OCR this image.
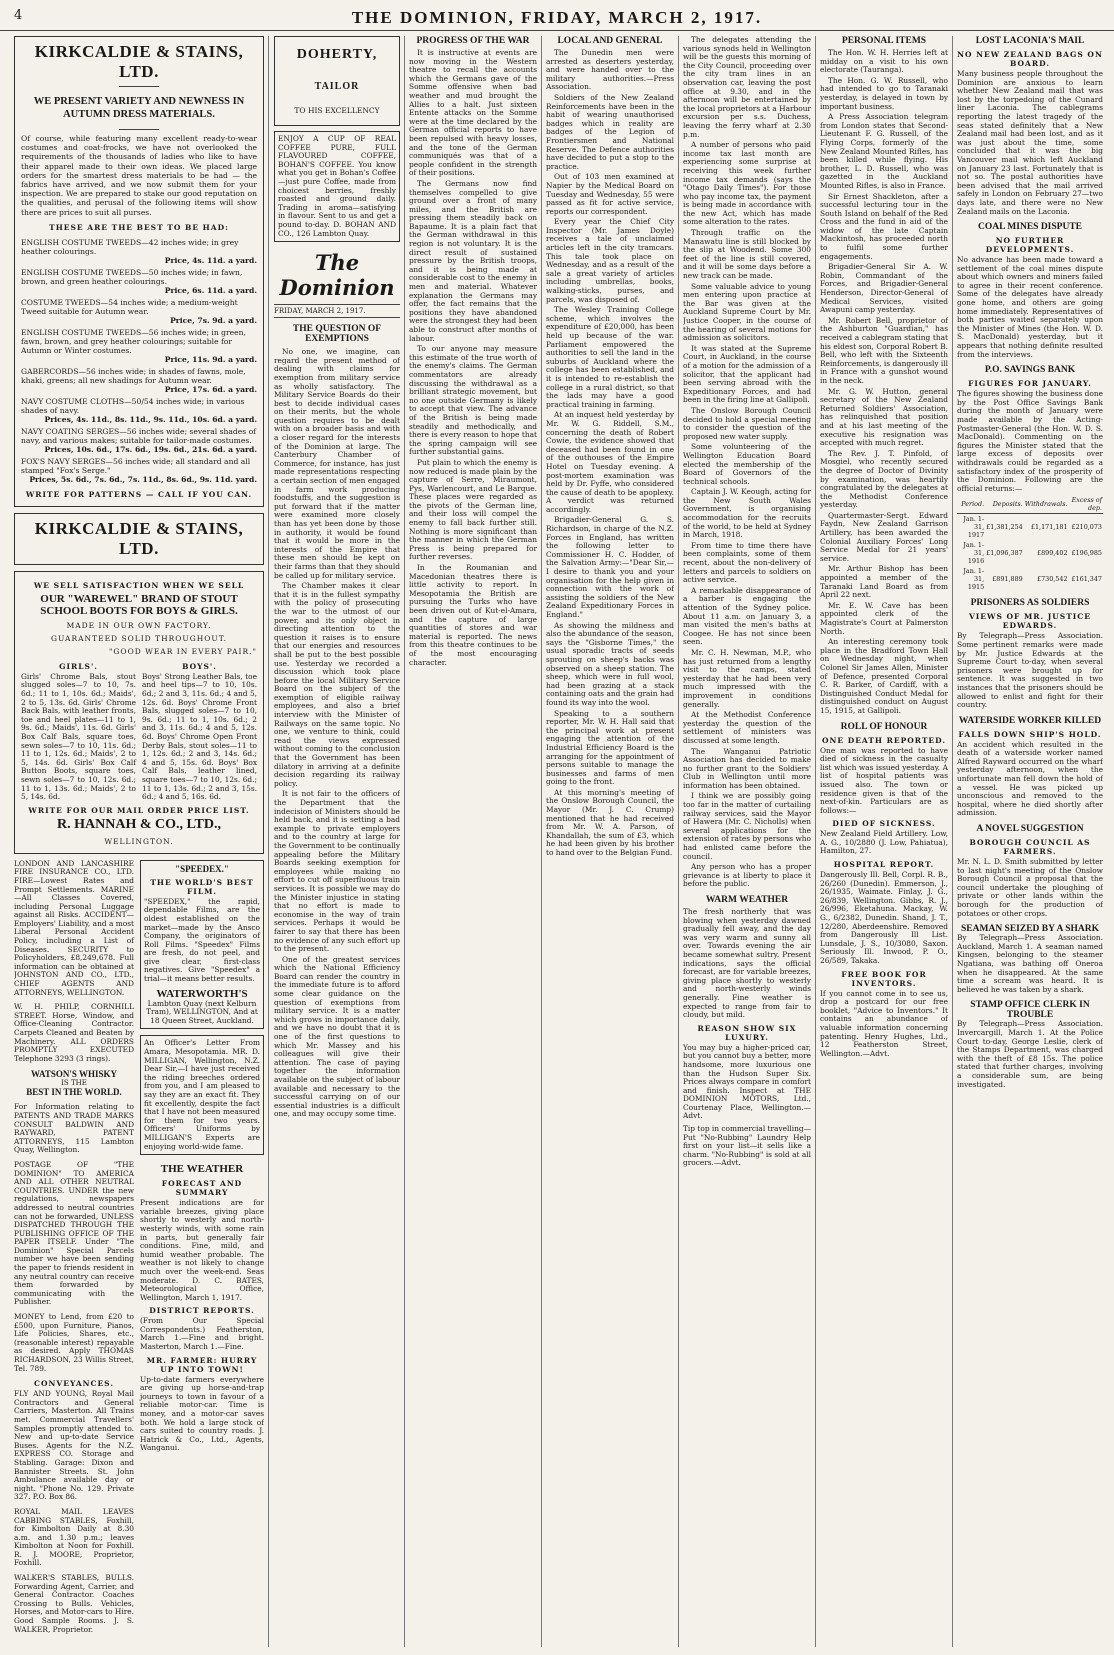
4	THE DOMINION, FRIDAY, MARCH 2, 1917.
KIRKCALDIE & STAINS, LTD.
WE PRESENT VARIETY AND NEWNESS IN AUTUMN DRESS MATERIALS.
Of course, while featuring many excellent ready-to-wear costumes and coat-frocks, we have not overlooked the requirements of the thousands of ladies who like to have their apparel made to their own ideas. We placed large orders for the smartest dress materials to be had — the fabrics have arrived, and we now submit them for your inspection. We are prepared to stake our good reputation on the qualities, and perusal of the following items will show there are prices to suit all purses.
THESE ARE THE BEST TO BE HAD:
ENGLISH COSTUME TWEEDS—42 inches wide; in grey heather colourings.
Price, 4s. 11d. a yard.
ENGLISH COSTUME TWEEDS—50 inches wide; in fawn, brown, and green heather colourings.
Price, 6s. 11d. a yard.
COSTUME TWEEDS—54 inches wide; a medium-weight Tweed suitable for Autumn wear.
Price, 7s. 9d. a yard.
ENGLISH COSTUME TWEEDS—56 inches wide; in green, fawn, brown, and grey heather colourings; suitable for Autumn or Winter costumes.
Price, 11s. 9d. a yard.
GABERCORDS—56 inches wide; in shades of fawns, mole, khaki, greens; all new shadings for Autumn wear.
Price, 17s. 6d. a yard.
NAVY COSTUME CLOTHS—50/54 inches wide; in various shades of navy.
Prices, 4s. 11d., 8s. 11d., 9s. 11d., 10s. 6d. a yard.
NAVY COATING SERGES—56 inches wide; several shades of navy, and various makes; suitable for tailor-made costumes.
Prices, 10s. 6d., 17s. 6d., 19s. 6d., 21s. 6d. a yard.
FOX'S NAVY SERGES—56 inches wide; all standard and all stamped "Fox's Serge."
Prices, 5s. 6d., 7s. 6d., 7s. 11d., 8s. 6d., 9s. 11d. yard.
WRITE FOR PATTERNS — CALL IF YOU CAN.
KIRKCALDIE & STAINS, LTD.
WE SELL SATISFACTION WHEN WE SELL
OUR "WAREWEL" BRAND OF STOUT
SCHOOL BOOTS FOR BOYS & GIRLS.
MADE IN OUR OWN FACTORY.
GUARANTEED SOLID THROUGHOUT.
"GOOD WEAR IN EVERY PAIR."
GIRLS'.
Girls' Chrome Bals, stout slugged soles—7 to 10, 7s. 6d.; 11 to 1, 10s. 6d.; Maids', 2 to 5, 13s. 6d. Girls' Chrome Back Bals, with leather fronts, toe and heel plates—11 to 1, 9s. 6d.; Maids', 11s. 6d. Girls' Box Calf Bals, square toes, sewn soles—7 to 10, 11s. 6d.; 11 to 1, 12s. 6d.; Maids', 2 to 5, 14s. 6d. Girls' Box Calf Button Boots, square toes, sewn soles—7 to 10, 12s. 6d.; 11 to 1, 13s. 6d.; Maids', 2 to 5, 14s. 6d.
BOYS'.
Boys' Strong Leather Bals, toe and heel tips—7 to 10, 10s. 6d.; 2 and 3, 11s. 6d.; 4 and 5, 12s. 6d. Boys' Chrome Front Bals, slugged soles—7 to 10, 9s. 6d.; 11 to 1, 10s. 6d.; 2 and 3, 11s. 6d.; 4 and 5, 12s. 6d. Boys' Chrome Open Front Derby Bals, stout soles—11 to 1, 12s. 6d.; 2 and 3, 14s. 6d.; 4 and 5, 15s. 6d. Boys' Box Calf Bals, leather lined, square toes—7 to 10, 12s. 6d.; 11 to 1, 13s. 6d.; 2 and 3, 15s. 6d.; 4 and 5, 16s. 6d.
WRITE FOR OUR MAIL ORDER PRICE LIST.
R. HANNAH & CO., LTD.,
WELLINGTON.
LONDON AND LANCASHIRE FIRE INSURANCE CO., LTD. FIRE—Lowest Rates and Prompt Settlements. MARINE—All Classes Covered, including Personal Luggage against all Risks. ACCIDENT—Employers' Liability, and a most Liberal Personal Accident Policy, including a List of Diseases. SECURITY to Policyholders, £8,249,678. Full information can be obtained at JOHNSTON AND CO., LTD., CHIEF AGENTS AND ATTORNEYS, WELLINGTON.
W. H. PHILP, CORNHILL STREET. Horse, Window, and Office-Cleaning Contractor. Carpets Cleaned and Beaten by Machinery. ALL ORDERS PROMPTLY EXECUTED Telephone 3293 (3 rings).
WATSON'S WHISKY
IS THE
BEST IN THE WORLD.
For Information relating to PATENTS AND TRADE MARKS CONSULT BALDWIN AND RAYWARD, PATENT ATTORNEYS, 115 Lambton Quay, Wellington.
POSTAGE OF "THE DOMINION" TO AMERICA AND ALL OTHER NEUTRAL COUNTRIES. UNDER the new regulations, newspapers addressed to neutral countries can not be forwarded, UNLESS DISPATCHED THROUGH THE PUBLISHING OFFICE OF THE PAPER ITSELF. Under "The Dominion" Special Parcels number we have been sending the paper to friends resident in any neutral country can receive them forwarded by communicating with the Publisher.
MONEY to Lend, from £20 to £500, upon Furniture, Pianos, Life Policies, Shares, etc., (reasonable interest) repayable as desired. Apply THOMAS RICHARDSON, 23 Willis Street, Tel. 789.
CONVEYANCES.
FLY AND YOUNG, Royal Mail Contractors and General Carriers, Masterton. All Trains met. Commercial Travellers' Samples promptly attended to. New and up-to-date Service Buses. Agents for the N.Z. EXPRESS CO. Storage and Stabling. Garage: Dixon and Bannister Streets. St. John Ambulance available day or night. "Phone No. 129. Private 327. P.O. Box 86.
ROYAL MAIL LEAVES CABBING STABLES, Foxhill, for Kimbolton Daily at 8.30 a.m. and 1.30 p.m.; leaves Kimbolton at Noon for Foxhill. R. J. MOORE, Proprietor, Foxhill.
WALKER'S STABLES, BULLS. Forwarding Agent, Carrier, and General Contractor. Coaches Crossing to Bulls. Vehicles, Horses, and Motor-cars to Hire. Good Sample Rooms. J. S. WALKER, Proprietor.
"SPEEDEX."
THE WORLD'S BEST FILM.
"SPEEDEX," the rapid, dependable Films, are the oldest established on the market—made by the Ansco Company, the originators of Roll Films. "Speedex" Films are fresh, do not peel, and give clear, first-class negatives. Give "Speedex" a trial—it means better results.
WATERWORTH'S
Lambton Quay (next Kelburn Tram), WELLINGTON, And at 18 Queen Street, Auckland.
An Officer's Letter From Amara, Mesopotamia. MR. D. MILLIGAN, Wellington, N.Z. Dear Sir,—I have just received the riding breeches ordered from you, and I am pleased to say they are an exact fit. They fit excellently, despite the fact that I have not been measured for them for two years. Officers' Uniforms by MILLIGAN'S Experts are enjoying world-wide fame.
THE WEATHER
FORECAST AND SUMMARY
Present indications are for variable breezes, giving place shortly to westerly and north-westerly winds, with some rain in parts, but generally fair conditions. Fine, mild, and humid weather probable. The weather is not likely to change much over the week-end. Seas moderate. D. C. BATES, Meteorological Office, Wellington, March 1, 1917.
DISTRICT REPORTS.
(From Our Special Correspondents.) Featherston, March 1.—Fine and bright. Masterton, March 1.—Fine.
MR. FARMER: HURRY UP INTO TOWN!
Up-to-date farmers everywhere are giving up horse-and-trap journeys to town in favour of a reliable motor-car. Time is money, and a motor-car saves both. We hold a large stock of cars suited to country roads. J. Hatrick & Co., Ltd., Agents, Wanganui.
DOHERTY,
TAILOR
TO HIS EXCELLENCY
ENJOY A CUP OF REAL COFFEE PURE, FULL FLAVOURED COFFEE, BOHAN'S COFFEE. You know what you get in Bohan's Coffee—just pure Coffee, made from choicest berries, freshly roasted and ground daily. Trading in aroma—satisfying in flavour. Sent to us and get a pound to-day. D. BOHAN AND CO., 126 Lambton Quay.
The Dominion
FRIDAY, MARCH 2, 1917.
THE QUESTION OF EXEMPTIONS

No one, we imagine, can regard the present method of dealing with claims for exemption from military service as wholly satisfactory. The Military Service Boards do their best to decide individual cases on their merits, but the whole question requires to be dealt with on a broader basis and with a closer regard for the interests of the Dominion at large. The Canterbury Chamber of Commerce, for instance, has just made representations respecting a certain section of men engaged in farm work producing foodstuffs, and the suggestion is put forward that if the matter were examined more closely than has yet been done by those in authority, it would be found that it would be more in the interests of the Empire that these men should be kept on their farms than that they should be called up for military service.

The Chamber makes it clear that it is in the fullest sympathy with the policy of prosecuting the war to the utmost of our power, and its only object in directing attention to the question it raises is to ensure that our energies and resources shall be put to the best possible use. Yesterday we recorded a discussion which took place before the local Military Service Board on the subject of the exemption of eligible railway employees, and also a brief interview with the Minister of Railways on the same topic. No one, we venture to think, could read the views expressed without coming to the conclusion that the Government has been dilatory in arriving at a definite decision regarding its railway policy.

It is not fair to the officers of the Department that the indecision of Ministers should be held back, and it is setting a bad example to private employers and to the country at large for the Government to be continually appealing before the Military Boards seeking exemption for employees while making no effort to cut off superfluous train services. It is possible we may do the Minister injustice in stating that no effort is made to economise in the way of train services. Perhaps it would be fairer to say that there has been no evidence of any such effort up to the present.

One of the greatest services which the National Efficiency Board can render the country in the immediate future is to afford some clear guidance on the question of exemptions from military service. It is a matter which grows in importance daily, and we have no doubt that it is one of the first questions to which Mr. Massey and his colleagues will give their attention. The case of paying together the information available on the subject of labour available and necessary to the successful carrying on of our essential industries is a difficult one, and may occupy some time.

PROGRESS OF THE WAR

It is instructive at events are now moving in the Western theatre to recall the accounts which the Germans gave of the Somme offensive when bad weather and mud brought the Allies to a halt. Just sixteen Entente attacks on the Somme were at the time declared by the German official reports to have been repulsed with heavy losses, and the tone of the German communiqués was that of a people confident in the strength of their positions.

The Germans now find themselves compelled to give ground over a front of many miles, and the British are pressing them steadily back on Bapaume. It is a plain fact that the German withdrawal in this region is not voluntary. It is the direct result of sustained pressure by the British troops, and it is being made at considerable cost to the enemy in men and material. Whatever explanation the Germans may offer, the fact remains that the positions they have abandoned were the strongest they had been able to construct after months of labour.

To our anyone may measure this estimate of the true worth of the enemy's claims. The German commentators are already discussing the withdrawal as a brilliant strategic movement, but no one outside Germany is likely to accept that view. The advance of the British is being made steadily and methodically, and there is every reason to hope that the spring campaign will see further substantial gains.

Put plain to which the enemy is now reduced is made plain by the capture of Serre, Miraumont, Pys, Warlencourt, and Le Barque. These places were regarded as the pivots of the German line, and their loss will compel the enemy to fall back further still. Nothing is more significant than the manner in which the German Press is being prepared for further reverses.

In the Roumanian and Macedonian theatres there is little activity to report. In Mesopotamia the British are pursuing the Turks who have been driven out of Kut-el-Amara, and the capture of large quantities of stores and war material is reported. The news from this theatre continues to be of the most encouraging character.

LOCAL AND GENERAL

The Dunedin men were arrested as deserters yesterday, and were handed over to the military authorities.—Press Association.

Soldiers of the New Zealand Reinforcements have been in the habit of wearing unauthorised badges which in reality are badges of the Legion of Frontiersmen and National Reserve. The Defence authorities have decided to put a stop to the practice.

Out of 103 men examined at Napier by the Medical Board on Tuesday and Wednesday, 55 were passed as fit for active service, reports our correspondent.

Every year the Chief City Inspector (Mr. James Doyle) receives a tale of unclaimed articles left in the city tramcars. This tale took place on Wednesday, and as a result of the sale a great variety of articles including umbrellas, books, walking-sticks, purses, and parcels, was disposed of.

The Wesley Training College scheme, which involves the expenditure of £20,000, has been held up because of the war. Parliament empowered the authorities to sell the land in the suburbs of Auckland where the college has been established, and it is intended to re-establish the college in a rural district, so that the lads may have a good practical training in farming.

At an inquest held yesterday by Mr. W. G. Riddell, S.M., concerning the death of Robert Cowie, the evidence showed that deceased had been found in one of the outhouses of the Empire Hotel on Tuesday evening. A post-mortem examination was held by Dr. Fyffe, who considered the cause of death to be apoplexy. A verdict was returned accordingly.

Brigadier-General G. S. Richardson, in charge of the N.Z. Forces in England, has written the following letter to Commissioner H. C. Hodder, of the Salvation Army:—"Dear Sir,—I desire to thank you and your organisation for the help given in connection with the work of assisting the soldiers of the New Zealand Expeditionary Forces in England."

As showing the mildness and also the abundance of the season, says the "Gisborne Times," the usual sporadic tracts of seeds sprouting on sheep's backs was observed on a sheep station. The sheep, which were in full wool, had been grazing at a stack containing oats and the grain had found its way into the wool.

Speaking to a southern reporter, Mr. W. H. Hall said that the principal work at present engaging the attention of the Industrial Efficiency Board is the arranging for the appointment of persons suitable to manage the businesses and farms of men going to the front.

At this morning's meeting of the Onslow Borough Council, the Mayor (Mr. J. C. Crump) mentioned that he had received from Mr. W. A. Parson, of Khandallah, the sum of £3, which he had been given by his brother to hand over to the Belgian Fund.

The delegates attending the various synods held in Wellington will be the guests this morning of the City Council, proceeding over the city tram lines in an observation car, leaving the post office at 9.30, and in the afternoon will be entertained by the local proprietors at a Harbour excursion per s.s. Duchess, leaving the ferry wharf at 2.30 p.m.

A number of persons who paid income tax last month are experiencing some surprise at receiving this week further income tax demands (says the "Otago Daily Times"). For those who pay income tax, the payment is being made in accordance with the new Act, which has made some alteration to the rates.

Through traffic on the Manawatu line is still blocked by the slip at Woodend. Some 300 feet of the line is still covered, and it will be some days before a new track can be made.

Some valuable advice to young men entering upon practice at the Bar was given at the Auckland Supreme Court by Mr. Justice Cooper, in the course of the hearing of several motions for admission as solicitors.

It was stated at the Supreme Court, in Auckland, in the course of a motion for the admission of a solicitor, that the applicant had been serving abroad with the Expeditionary Forces, and had been in the firing line at Gallipoli.

The Onslow Borough Council decided to hold a special meeting to consider the question of the proposed new water supply.

Some volunteering of the Wellington Education Board elected the membership of the Board of Governors of the technical schools.

Captain J. W. Keough, acting for the New South Wales Government, is organising accommodation for the recruits of the world, to be held at Sydney in March, 1918.

From time to time there have been complaints, some of them recent, about the non-delivery of letters and parcels to soldiers on active service.

A remarkable disappearance of a barber is engaging the attention of the Sydney police. About 11 a.m. on January 3, a man visited the men's baths at Coogee. He has not since been seen.

Mr. C. H. Newman, M.P., who has just returned from a lengthy visit to the camps, stated yesterday that he had been very much impressed with the improvement in conditions generally.

At the Methodist Conference yesterday the question of the settlement of ministers was discussed at some length.

The Wanganui Patriotic Association has decided to make no further grant to the Soldiers' Club in Wellington until more information has been obtained.

I think we are possibly going too far in the matter of curtailing railway services, said the Mayor of Hawera (Mr. C. Nicholls) when several applications for the extension of rates by persons who had enlisted came before the council.

Any person who has a proper grievance is at liberty to place it before the public.

WARM WEATHER
The fresh northerly that was blowing when yesterday dawned gradually fell away, and the day was very warm and sunny all over. Towards evening the air became somewhat sultry. Present indications, says the official forecast, are for variable breezes, giving place shortly to westerly and north-westerly winds generally. Fine weather is expected to range from fair to cloudy, but mild.
REASON SHOW SIX LUXURY.
You may buy a higher-priced car, but you cannot buy a better, more handsome, more luxurious one than the Hudson Super Six. Prices always compare in comfort and finish. Inspect at THE DOMINION MOTORS, Ltd., Courtenay Place, Wellington.—Advt.
Tip top in commercial travelling—Put "No-Rubbing" Laundry Help first on your list—it sells like a charm. "No-Rubbing" is sold at all grocers.—Advt.
PERSONAL ITEMS

The Hon. W. H. Herries left at midday on a visit to his own electorate (Tauranga).

The Hon. G. W. Russell, who had intended to go to Taranaki yesterday, is delayed in town by important business.

A Press Association telegram from London states that Second-Lieutenant F. G. Russell, of the Flying Corps, formerly of the New Zealand Mounted Rifles, has been killed while flying. His brother, L. D. Russell, who was gazetted in the Auckland Mounted Rifles, is also in France.

Sir Ernest Shackleton, after a successful lecturing tour in the South Island on behalf of the Red Cross and the fund in aid of the widow of the late Captain Mackintosh, has proceeded north to fulfil some further engagements.

Brigadier-General Sir A. W. Robin, Commandant of the Forces, and Brigadier-General Henderson, Director-General of Medical Services, visited Awapuni camp yesterday.

Mr. Robert Bell, proprietor of the Ashburton "Guardian," has received a cablegram stating that his eldest son, Corporal Robert B. Bell, who left with the Sixteenth Reinforcements, is dangerously ill in France with a gunshot wound in the neck.

Mr. G. W. Hutton, general secretary of the New Zealand Returned Soldiers' Association, has relinquished that position and at his last meeting of the executive his resignation was accepted with much regret.

The Rev. J. T. Pinfold, of Mosgiel, who recently secured the degree of Doctor of Divinity by examination, was heartily congratulated by the delegates at the Methodist Conference yesterday.

Quartermaster-Sergt. Edward Faydn, New Zealand Garrison Artillery, has been awarded the Colonial Auxiliary Forces' Long Service Medal for 21 years' service.

Mr. Arthur Bishop has been appointed a member of the Taranaki Land Board as from April 22 next.

Mr. E. W. Cave has been appointed clerk of the Magistrate's Court at Palmerston North.

An interesting ceremony took place in the Bradford Town Hall on Wednesday night, when Colonel Sir James Allen, Minister of Defence, presented Corporal C. R. Barker, of Cardiff, with a Distinguished Conduct Medal for distinguished conduct on August 15, 1915, at Gallipoli.

ROLL OF HONOUR
ONE DEATH REPORTED.
One man was reported to have died of sickness in the casualty list which was issued yesterday. A list of hospital patients was issued also. The town or residence given is that of the next-of-kin. Particulars are as follows:—
DIED OF SICKNESS.
New Zealand Field Artillery. Low, A. G., 10/2880 (J. Low, Pahiatua), Hamilton, 27.
HOSPITAL REPORT.
Dangerously Ill. Bell, Corpl. R. B., 26/260 (Dunedin). Emmerson, J., 26/1935, Waimate. Finlay, J. G., 26/839, Wellington. Gibbs, R. J., 26/996, Eketahuna. Mackay, W. G., 6/2382, Dunedin. Shand, J. T., 12/280, Aberdeenshire. Removed from Dangerously Ill List. Lunsdale, J. S., 10/3080, Saxon. Seriously Ill. Inwood, P. O., 26/589, Takaka.
FREE BOOK FOR INVENTORS.
If you cannot come in to see us, drop a postcard for our free booklet, "Advice to Inventors." It contains an abundance of valuable information concerning patenting. Henry Hughes, Ltd., 12 Featherston Street, Wellington.—Advt.
LOST LACONIA'S MAIL
NO NEW ZEALAND BAGS ON BOARD.
Many business people throughout the Dominion are anxious to learn whether New Zealand mail that was lost by the torpedoing of the Cunard liner Laconia. The cablegrams reporting the latest tragedy of the seas stated definitely that a New Zealand mail had been lost, and as it was just about the time, some concluded that it was the big Vancouver mail which left Auckland on January 23 last. Fortunately that is not so. The postal authorities have been advised that the mail arrived safely in London on February 27—two days late, and there were no New Zealand mails on the Laconia.
COAL MINES DISPUTE
NO FURTHER DEVELOPMENTS.
No advance has been made toward a settlement of the coal mines dispute about which owners and miners failed to agree in their recent conference. Some of the delegates have already gone home, and others are going home immediately. Representatives of both parties waited separately upon the Minister of Mines (the Hon. W. D. S. MacDonald) yesterday, but it appears that nothing definite resulted from the interviews.
P.O. SAVINGS BANK
FIGURES FOR JANUARY.
The figures showing the business done by the Post Office Savings Bank during the month of January were made available by the Acting-Postmaster-General (the Hon. W. D. S. MacDonald). Commenting on the figures the Minister stated that the large excess of deposits over withdrawals could be regarded as a satisfactory index of the prosperity of the Dominion. Following are the official returns:—
Period.	Deposits.	Withdrawals.	Excess of dep.
Jan. 1-31, 1917	£1,381,254	£1,171,181	£210,073
Jan. 1-31, 1916	£1,096,387	£899,402	£196,985
Jan. 1-31, 1915	£891,889	£730,542	£161,347
PRISONERS AS SOLDIERS
VIEWS OF MR. JUSTICE EDWARDS.
By Telegraph—Press Association. Some pertinent remarks were made by Mr. Justice Edwards at the Supreme Court to-day, when several prisoners were brought up for sentence. It was suggested in two instances that the prisoners should be allowed to enlist and fight for their country.
WATERSIDE WORKER KILLED
FALLS DOWN SHIP'S HOLD.
An accident which resulted in the death of a waterside worker named Alfred Rayward occurred on the wharf yesterday afternoon, when the unfortunate man fell down the hold of a vessel. He was picked up unconscious and removed to the hospital, where he died shortly after admission.
A NOVEL SUGGESTION
BOROUGH COUNCIL AS FARMERS.
Mr. N. L. D. Smith submitted by letter to last night's meeting of the Onslow Borough Council a proposal that the council undertake the ploughing of private or other lands within the borough for the production of potatoes or other crops.
SEAMAN SEIZED BY A SHARK
By Telegraph—Press Association. Auckland, March 1. A seaman named Kingsen, belonging to the steamer Ngatiana, was bathing off Oneroa when he disappeared. At the same time a scream was heard. It is believed he was taken by a shark.
STAMP OFFICE CLERK IN TROUBLE
By Telegraph—Press Association. Invercargill, March 1. At the Police Court to-day, George Leslie, clerk of the Stamps Department, was charged with the theft of £8 15s. The police stated that further charges, involving a considerable sum, are being investigated.
